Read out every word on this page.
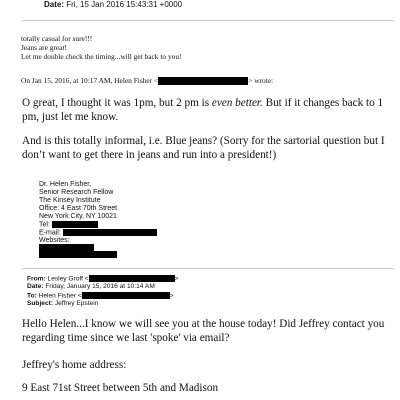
Date: Fri, 15 Jan 2016 15:43:31 +0000
totally casual for sure!!!
Jeans are great!
Let me double check the timing...will get back to you!
On Jan 15, 2016, at 10:17 AM, Helen Fisher <	> wrote:
O great, I thought it was 1pm, but 2 pm is even better. But if it changes back to 1 pm, just let me know.
And is this totally informal, i.e. Blue jeans? (Sorry for the sartorial question but I don’t want to get there in jeans and run into a president!)
Dr. Helen Fisher,
Senior Research Fellow
The Kinsey Institute
Office: 4 East 70th Street
New York City, NY 10021
Tel:
E-mail:
Websites:
From: Lesley Groff <	>
Date: Friday, January 15, 2016 at 10:14 AM
To: Helen Fisher <	>
Subject: Jeffrey Epstein
Hello Helen...I know we will see you at the house today! Did Jeffrey contact you regarding time since we last 'spoke' via email?
Jeffrey's home address:
9 East 71st Street between 5th and Madison
